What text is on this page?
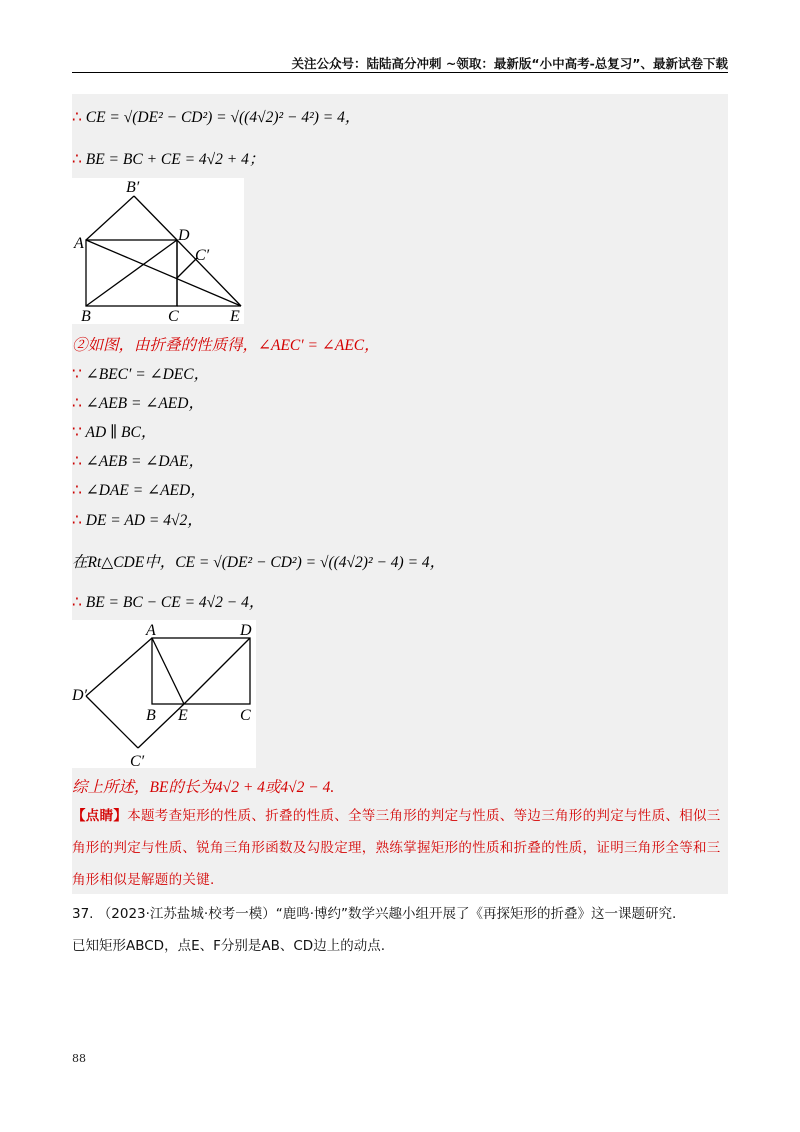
关注公众号：陆陆高分冲刺 ~领取：最新版“小中高考-总复习”、最新试卷下载
∴ CE = √(DE² − CD²) = √((4√2)² − 4²) = 4，
∴ BE = BC + CE = 4√2 + 4；
B′
A	D
C′
B	C	E
②如图，由折叠的性质得，∠AEC′ = ∠AEC，
∵ ∠BEC′ = ∠DEC，
∴ ∠AEB = ∠AED，
∵ AD ∥ BC，
∴ ∠AEB = ∠DAE，
∴ ∠DAE = ∠AED，
∴ DE = AD = 4√2，
在Rt△CDE中，CE = √(DE² − CD²) = √((4√2)² − 4) = 4，
∴ BE = BC − CE = 4√2 − 4，
A	D
D′
B E	C
C′
综上所述，BE的长为4√2 + 4或4√2 − 4.
【点睛】本题考查矩形的性质、折叠的性质、全等三角形的判定与性质、等边三角形的判定与性质、相似三角形的判定与性质、锐角三角形函数及勾股定理，熟练掌握矩形的性质和折叠的性质，证明三角形全等和三角形相似是解题的关键.
37. （2023·江苏盐城·校考一模）“鹿鸣·博约”数学兴趣小组开展了《再探矩形的折叠》这一课题研究.
已知矩形ABCD，点E、F分别是AB、CD边上的动点.
88
